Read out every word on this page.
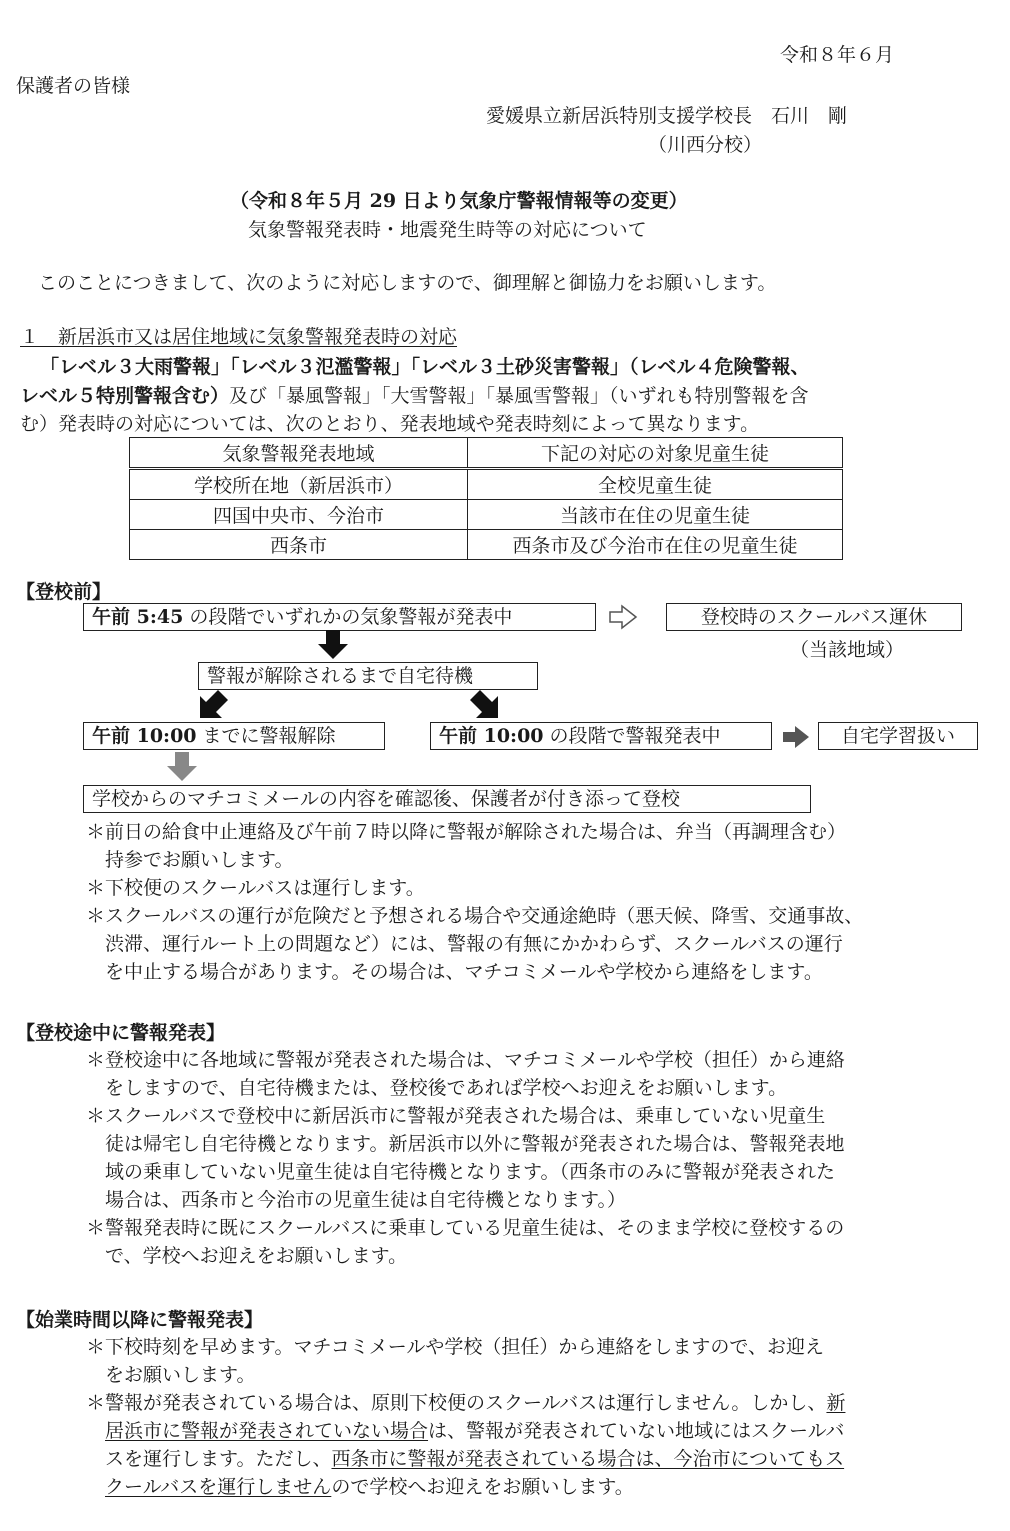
令和８年６月
保護者の皆様
愛媛県立新居浜特別支援学校長　石川　剛
（川西分校）
（令和８年５月 29 日より気象庁警報情報等の変更）
気象警報発表時・地震発生時等の対応について
このことにつきまして、次のように対応しますので、御理解と御協力をお願いします。
１　新居浜市又は居住地域に気象警報発表時の対応
「レベル３大雨警報」「レベル３氾濫警報」「レベル３土砂災害警報」（レベル４危険警報、
レベル５特別警報含む）及び「暴風警報」「大雪警報」「暴風雪警報」（いずれも特別警報を含
む）発表時の対応については、次のとおり、発表地域や発表時刻によって異なります。
気象警報発表地域	下記の対応の対象児童生徒
学校所在地（新居浜市）	全校児童生徒
四国中央市、今治市	当該市在住の児童生徒
西条市	西条市及び今治市在住の児童生徒
【登校前】
午前 5:45 の段階でいずれかの気象警報が発表中	登校時のスクールバス運休
（当該地域）
警報が解除されるまで自宅待機
午前 10:00 までに警報解除	午前 10:00 の段階で警報発表中	自宅学習扱い
学校からのマチコミメールの内容を確認後、保護者が付き添って登校
＊前日の給食中止連絡及び午前７時以降に警報が解除された場合は、弁当（再調理含む）
　持参でお願いします。
＊下校便のスクールバスは運行します。
＊スクールバスの運行が危険だと予想される場合や交通途絶時（悪天候、降雪、交通事故、
　渋滞、運行ルート上の問題など）には、警報の有無にかかわらず、スクールバスの運行
　を中止する場合があります。その場合は、マチコミメールや学校から連絡をします。
【登校途中に警報発表】
＊登校途中に各地域に警報が発表された場合は、マチコミメールや学校（担任）から連絡
　をしますので、自宅待機または、登校後であれば学校へお迎えをお願いします。
＊スクールバスで登校中に新居浜市に警報が発表された場合は、乗車していない児童生
　徒は帰宅し自宅待機となります。新居浜市以外に警報が発表された場合は、警報発表地
　域の乗車していない児童生徒は自宅待機となります。（西条市のみに警報が発表された
　場合は、西条市と今治市の児童生徒は自宅待機となります。）
＊警報発表時に既にスクールバスに乗車している児童生徒は、そのまま学校に登校するの
　で、学校へお迎えをお願いします。
【始業時間以降に警報発表】
＊下校時刻を早めます。マチコミメールや学校（担任）から連絡をしますので、お迎え
　をお願いします。
＊警報が発表されている場合は、原則下校便のスクールバスは運行しません。しかし、新
　居浜市に警報が発表されていない場合は、警報が発表されていない地域にはスクールバ
　スを運行します。ただし、西条市に警報が発表されている場合は、今治市についてもス
　クールバスを運行しませんので学校へお迎えをお願いします。
